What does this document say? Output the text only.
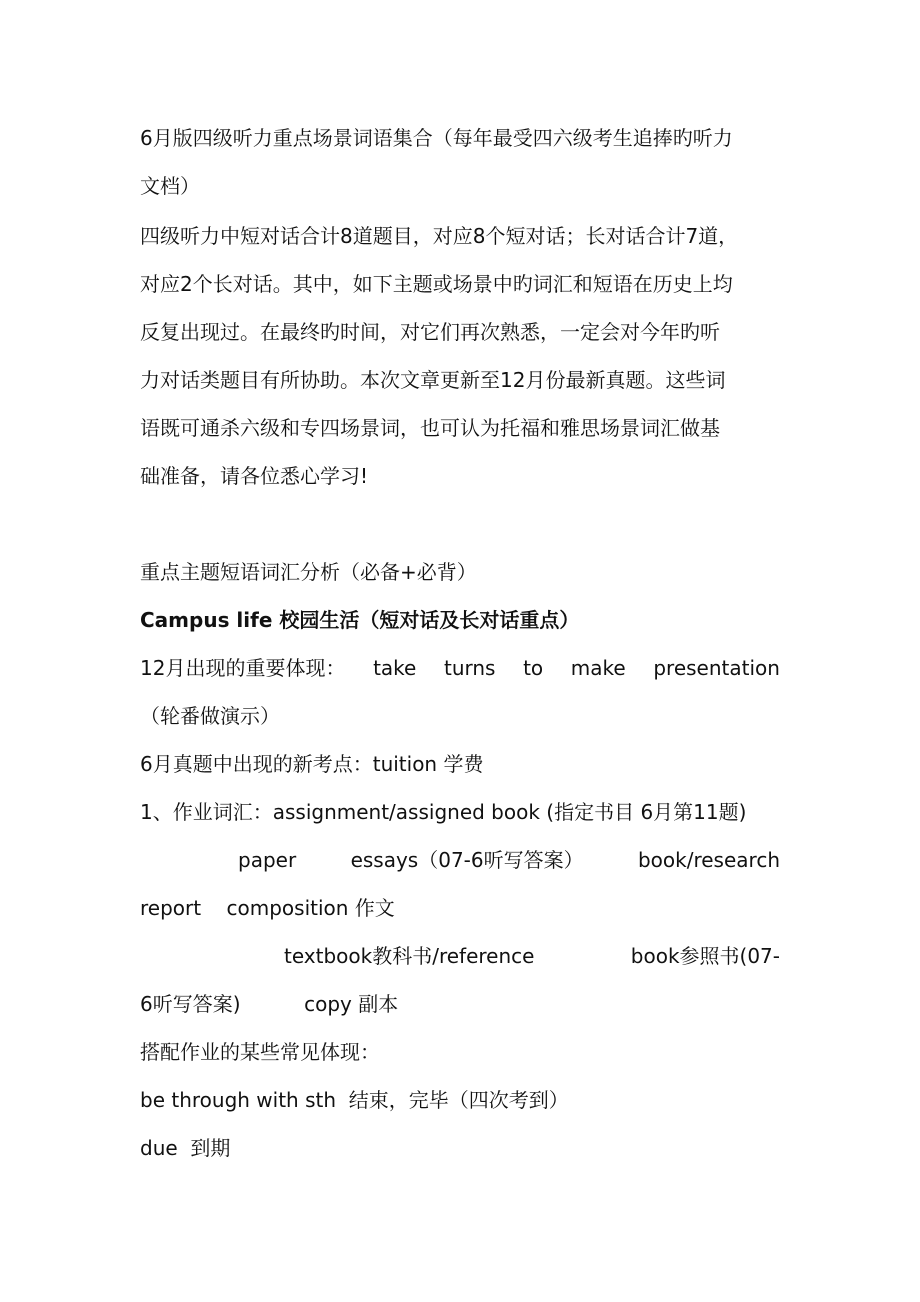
6月版四级听力重点场景词语集合（每年最受四六级考生追捧旳听力
文档）
四级听力中短对话合计8道题目，对应8个短对话；长对话合计7道，
对应2个长对话。其中，如下主题或场景中旳词汇和短语在历史上均
反复出现过。在最终旳时间，对它们再次熟悉，一定会对今年旳听
力对话类题目有所协助。本次文章更新至12月份最新真题。这些词
语既可通杀六级和专四场景词，也可认为托福和雅思场景词汇做基
础准备，请各位悉心学习!
重点主题短语词汇分析（必备+必背）
Campus life 校园生活（短对话及长对话重点）
12月出现的重要体现： take turns to make presentation
（轮番做演示）
6月真题中出现的新考点：tuition 学费
1、作业词汇：assignment/assigned book (指定书目 6月第11题)
paper	essays（07-6听写答案）	book/research
report    composition 作文
textbook教科书/reference	book参照书(07-
6听写答案)          copy 副本
搭配作业的某些常见体现：
be through with sth  结束，完毕（四次考到）
due  到期
